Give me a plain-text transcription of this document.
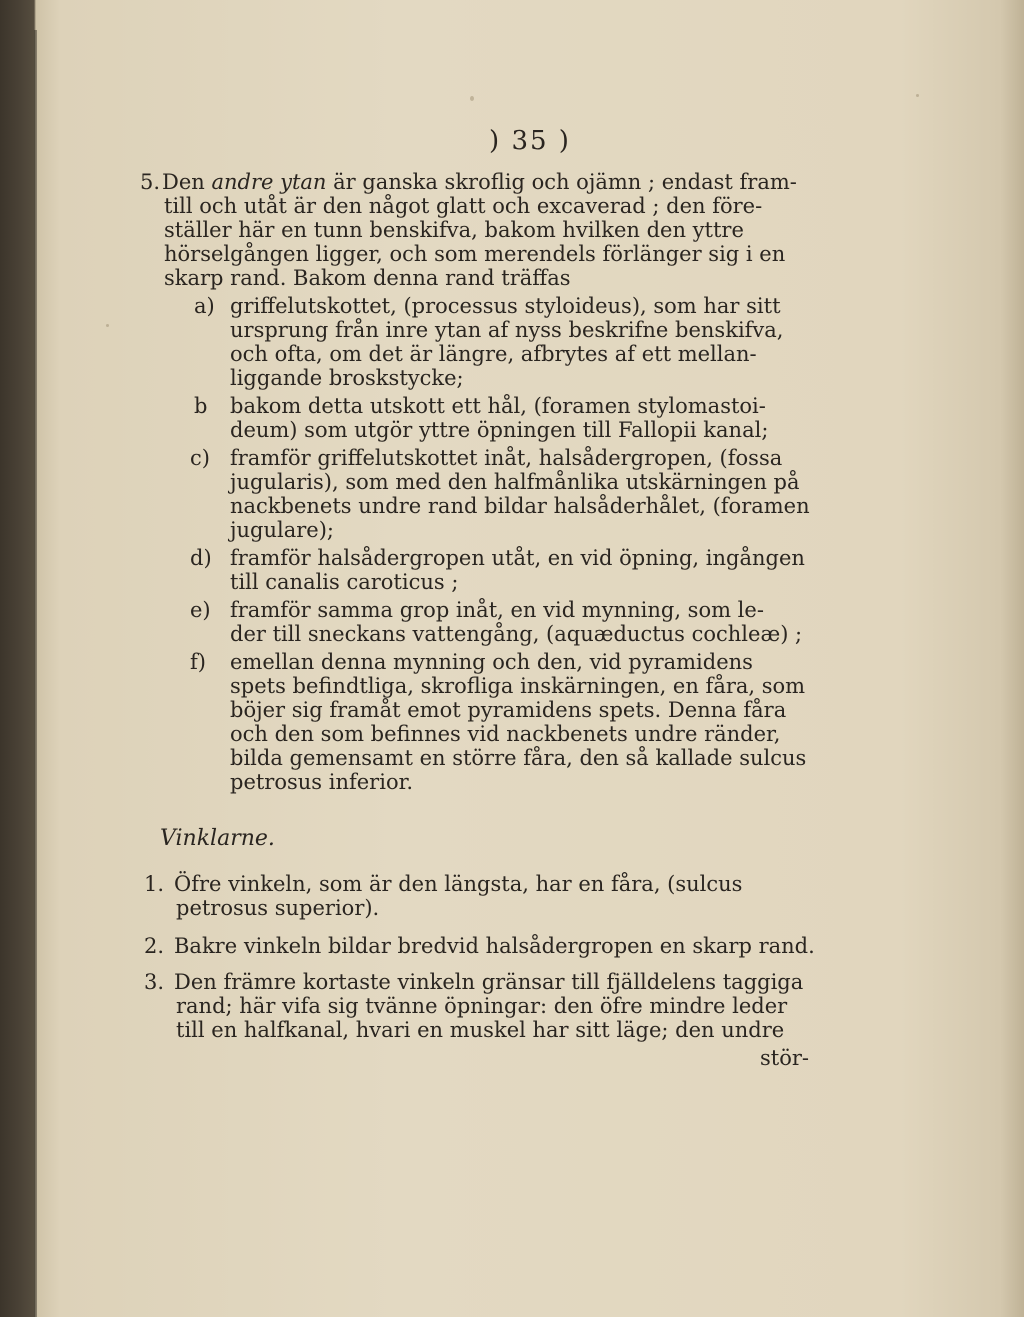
) 35 )
5. Den andre ytan är ganska skroflig och ojämn ; endast fram-
till och utåt är den något glatt och excaverad ; den före-
ställer här en tunn benskifva, bakom hvilken den yttre
hörselgången ligger, och som merendels förlänger sig i en
skarp rand. Bakom denna rand träffas
a) griffelutskottet, (processus styloideus), som har sitt
ursprung från inre ytan af nyss beskrifne benskifva,
och ofta, om det är längre, afbrytes af ett mellan-
liggande broskstycke;
b bakom detta utskott ett hål, (foramen stylomastoi-
deum) som utgör yttre öpningen till Fallopii kanal;
c) framför griffelutskottet inåt, halsådergropen, (fossa
jugularis), som med den halfmånlika utskärningen på
nackbenets undre rand bildar halsåderhålet, (foramen
jugulare);
d) framför halsådergropen utåt, en vid öpning, ingången
till canalis caroticus ;
e) framför samma grop inåt, en vid mynning, som le-
der till sneckans vattengång, (aquæductus cochleæ) ;
f) emellan denna mynning och den, vid pyramidens
spets befindtliga, skrofliga inskärningen, en fåra, som
böjer sig framåt emot pyramidens spets. Denna fåra
och den som befinnes vid nackbenets undre ränder,
bilda gemensamt en större fåra, den så kallade sulcus
petrosus inferior.
Vinklarne.
1. Öfre vinkeln, som är den längsta, har en fåra, (sulcus
petrosus superior).
2. Bakre vinkeln bildar bredvid halsådergropen en skarp rand.
3. Den främre kortaste vinkeln gränsar till fjälldelens taggiga
rand; här vifa sig tvänne öpningar: den öfre mindre leder
till en halfkanal, hvari en muskel har sitt läge; den undre
stör-
